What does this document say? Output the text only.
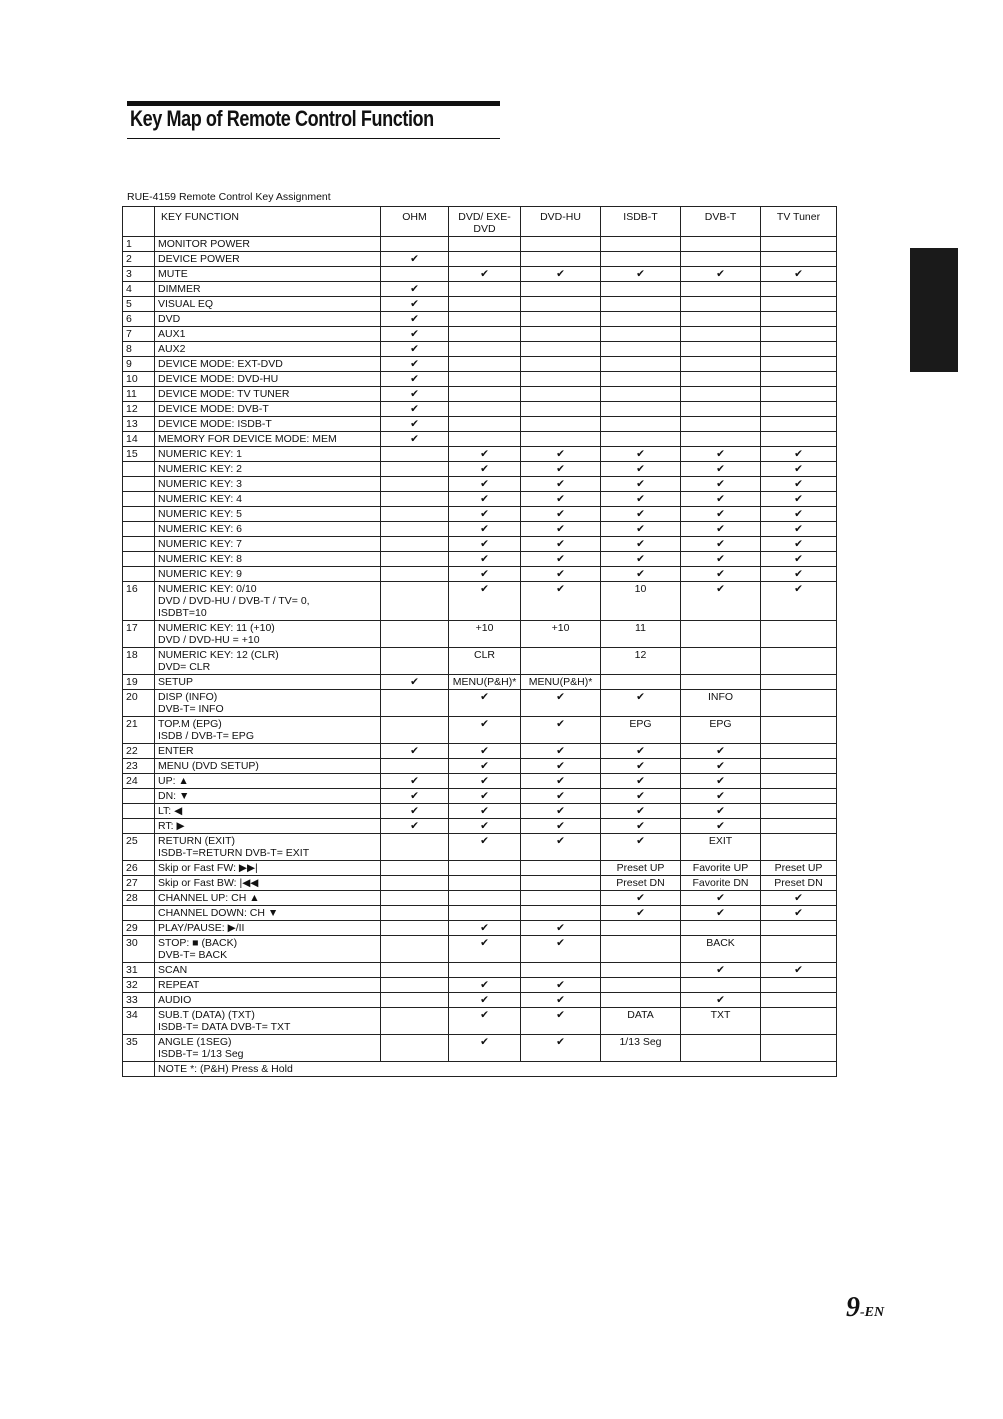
Key Map of Remote Control Function
RUE-4159 Remote Control Key Assignment
	KEY FUNCTION	OHM	DVD/ EXE-DVD	DVD-HU	ISDB-T	DVB-T	TV Tuner
1	MONITOR POWER						

2	DEVICE POWER	✔					
3	MUTE		✔	✔	✔	✔	✔
4	DIMMER	✔					
5	VISUAL EQ	✔					
6	DVD	✔					
7	AUX1	✔					
8	AUX2	✔					
9	DEVICE MODE: EXT-DVD	✔					
10	DEVICE MODE: DVD-HU	✔					
11	DEVICE MODE: TV TUNER	✔					
12	DEVICE MODE: DVB-T	✔					
13	DEVICE MODE: ISDB-T	✔					
14	MEMORY FOR DEVICE MODE: MEM	✔					
15	NUMERIC KEY: 1		✔	✔	✔	✔	✔

	NUMERIC KEY: 2		✔	✔	✔	✔	✔

	NUMERIC KEY: 3		✔	✔	✔	✔	✔

	NUMERIC KEY: 4		✔	✔	✔	✔	✔

	NUMERIC KEY: 5		✔	✔	✔	✔	✔

	NUMERIC KEY: 6		✔	✔	✔	✔	✔

	NUMERIC KEY: 7		✔	✔	✔	✔	✔

	NUMERIC KEY: 8		✔	✔	✔	✔	✔

	NUMERIC KEY: 9		✔	✔	✔	✔	✔
16	NUMERIC KEY: 0/10
DVD / DVD-HU / DVB-T / TV= 0,
ISDBT=10		✔	✔	10	✔	✔
17	NUMERIC KEY: 11 (+10)
DVD / DVD-HU = +10		+10	+10	11		
18	NUMERIC KEY: 12 (CLR)
DVD= CLR		CLR		12		
19	SETUP	✔	MENU(P&H)*	MENU(P&H)*			
20	DISP (INFO)
DVB-T= INFO		✔	✔	✔	INFO	
21	TOP.M (EPG)
ISDB / DVB-T= EPG		✔	✔	EPG	EPG	
22	ENTER	✔	✔	✔	✔	✔	
23	MENU (DVD SETUP)		✔	✔	✔	✔	
24	UP: ▲	✔	✔	✔	✔	✔	

	DN: ▼	✔	✔	✔	✔	✔	

	LT: ◀	✔	✔	✔	✔	✔	

	RT: ▶	✔	✔	✔	✔	✔	
25	RETURN (EXIT)
ISDB-T=RETURN DVB-T= EXIT		✔	✔	✔	EXIT	
26	Skip or Fast FW: ▶▶|				Preset UP	Favorite UP	Preset UP
27	Skip or Fast BW: |◀◀				Preset DN	Favorite DN	Preset DN
28	CHANNEL UP: CH ▲				✔	✔	✔

	CHANNEL DOWN: CH ▼				✔	✔	✔
29	PLAY/PAUSE: ▶/II		✔	✔			
30	STOP: ■ (BACK)
DVB-T= BACK		✔	✔		BACK	
31	SCAN					✔	✔
32	REPEAT		✔	✔			
33	AUDIO		✔	✔		✔	
34	SUB.T (DATA) (TXT)
ISDB-T= DATA DVB-T= TXT		✔	✔	DATA	TXT	
35	ANGLE (1SEG)
ISDB-T= 1/13 Seg		✔	✔	1/13 Seg		
	NOTE *: (P&H) Press & Hold						
9-EN
